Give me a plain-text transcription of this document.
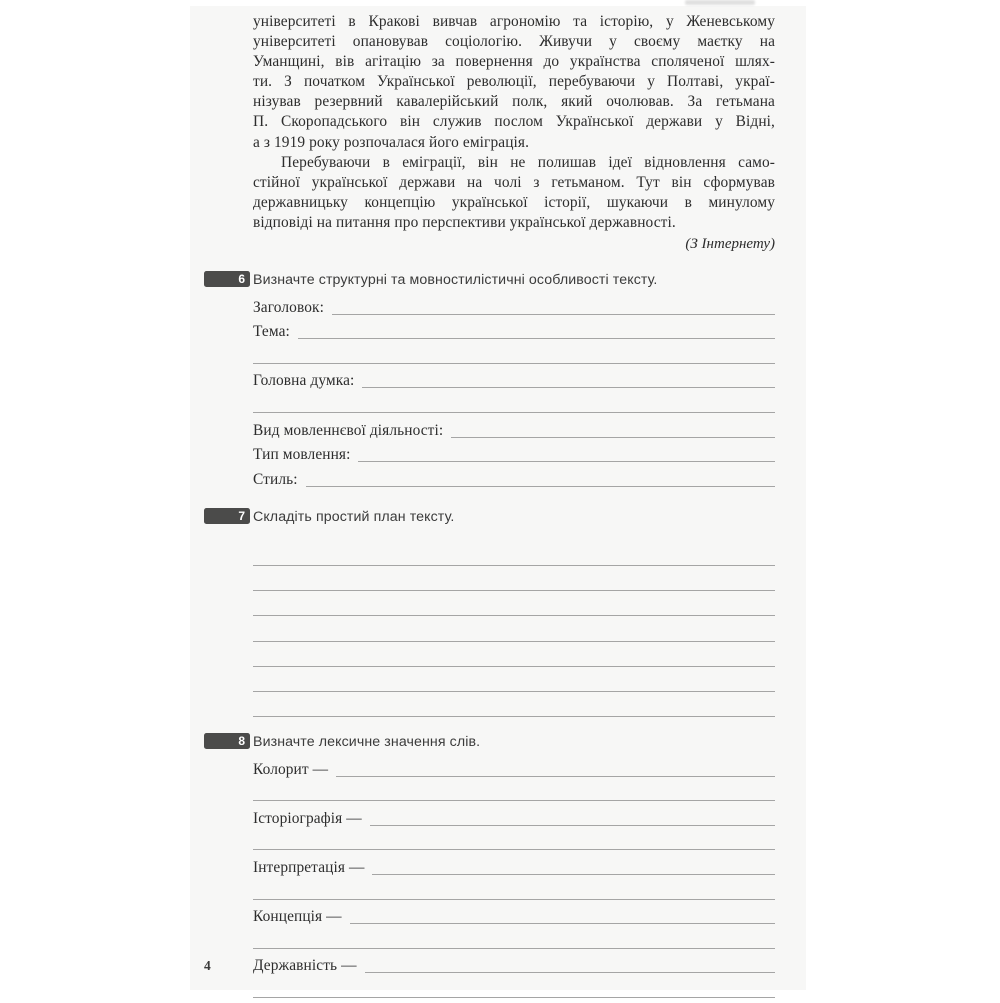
університеті в Кракові вивчав агрономію та історію, у Женевському
університеті опановував соціологію. Живучи у своєму маєтку на
Уманщині, вів агітацію за повернення до українства споляченої шлях-
ти. З початком Української революції, перебуваючи у Полтаві, украї-
нізував резервний кавалерійський полк, який очолював. За гетьмана
П. Скоропадського він служив послом Української держави у Відні,
а з 1919 року розпочалася його еміграція.
Перебуваючи в еміграції, він не полишав ідеї відновлення само-
стійної української держави на чолі з гетьманом. Тут він сформував
державницьку концепцію української історії, шукаючи в минулому
відповіді на питання про перспективи української державності.
(З Інтернету)
6 Визначте структурні та мовностилістичні особливості тексту.
Заголовок:
Тема:
Головна думка:
Вид мовленнєвої діяльності:
Тип мовлення:
Стиль:
7 Складіть простий план тексту.
8 Визначте лексичне значення слів.
Колорит —
Історіографія —
Інтерпретація —
Концепція —
Державність —
4
